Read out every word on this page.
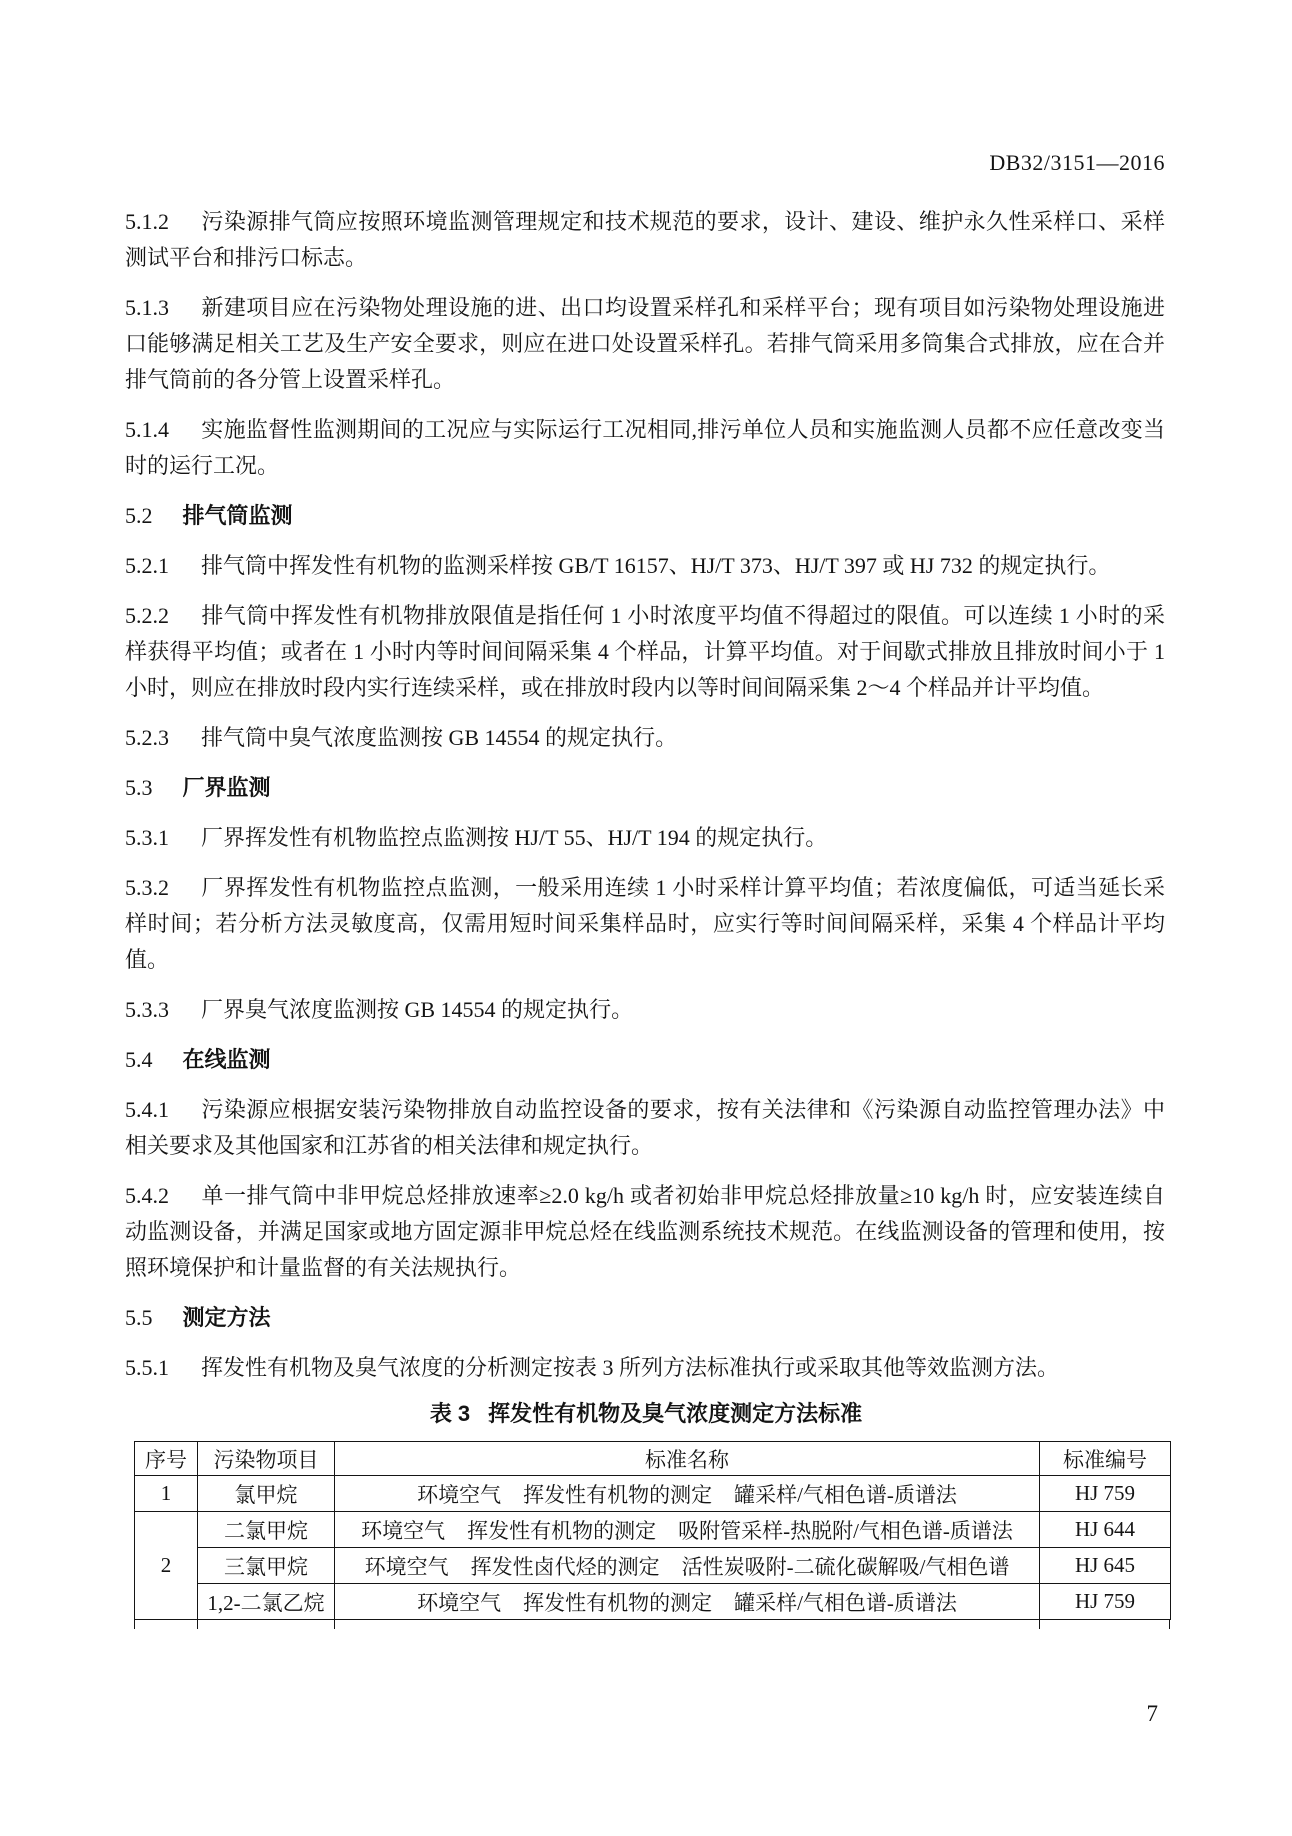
DB32/3151—2016

5.1.2 污染源排气筒应按照环境监测管理规定和技术规范的要求，设计、建设、维护永久性采样口、采样测试平台和排污口标志。

5.1.3 新建项目应在污染物处理设施的进、出口均设置采样孔和采样平台；现有项目如污染物处理设施进口能够满足相关工艺及生产安全要求，则应在进口处设置采样孔。若排气筒采用多筒集合式排放，应在合并排气筒前的各分管上设置采样孔。

5.1.4 实施监督性监测期间的工况应与实际运行工况相同,排污单位人员和实施监测人员都不应任意改变当时的运行工况。

5.2 排气筒监测

5.2.1 排气筒中挥发性有机物的监测采样按 GB/T 16157、HJ/T 373、HJ/T 397 或 HJ 732 的规定执行。

5.2.2 排气筒中挥发性有机物排放限值是指任何 1 小时浓度平均值不得超过的限值。可以连续 1 小时的采样获得平均值；或者在 1 小时内等时间间隔采集 4 个样品，计算平均值。对于间歇式排放且排放时间小于 1 小时，则应在排放时段内实行连续采样，或在排放时段内以等时间间隔采集 2～4 个样品并计平均值。

5.2.3 排气筒中臭气浓度监测按 GB 14554 的规定执行。

5.3 厂界监测

5.3.1 厂界挥发性有机物监控点监测按 HJ/T 55、HJ/T 194 的规定执行。

5.3.2 厂界挥发性有机物监控点监测，一般采用连续 1 小时采样计算平均值；若浓度偏低，可适当延长采样时间；若分析方法灵敏度高，仅需用短时间采集样品时，应实行等时间间隔采样，采集 4 个样品计平均值。

5.3.3 厂界臭气浓度监测按 GB 14554 的规定执行。

5.4 在线监测

5.4.1 污染源应根据安装污染物排放自动监控设备的要求，按有关法律和《污染源自动监控管理办法》中相关要求及其他国家和江苏省的相关法律和规定执行。

5.4.2 单一排气筒中非甲烷总烃排放速率≥2.0 kg/h 或者初始非甲烷总烃排放量≥10 kg/h 时，应安装连续自动监测设备，并满足国家或地方固定源非甲烷总烃在线监测系统技术规范。在线监测设备的管理和使用，按照环境保护和计量监督的有关法规执行。

5.5 测定方法

5.5.1 挥发性有机物及臭气浓度的分析测定按表 3 所列方法标准执行或采取其他等效监测方法。

表 3 挥发性有机物及臭气浓度测定方法标准
序号	污染物项目	标准名称	标准编号
1	氯甲烷	环境空气 挥发性有机物的测定 罐采样/气相色谱-质谱法	HJ 759
2	二氯甲烷	环境空气 挥发性有机物的测定 吸附管采样-热脱附/气相色谱-质谱法	HJ 644
	三氯甲烷	环境空气 挥发性卤代烃的测定 活性炭吸附-二硫化碳解吸/气相色谱	HJ 645
	1,2-二氯乙烷	环境空气 挥发性有机物的测定 罐采样/气相色谱-质谱法	HJ 759
7
